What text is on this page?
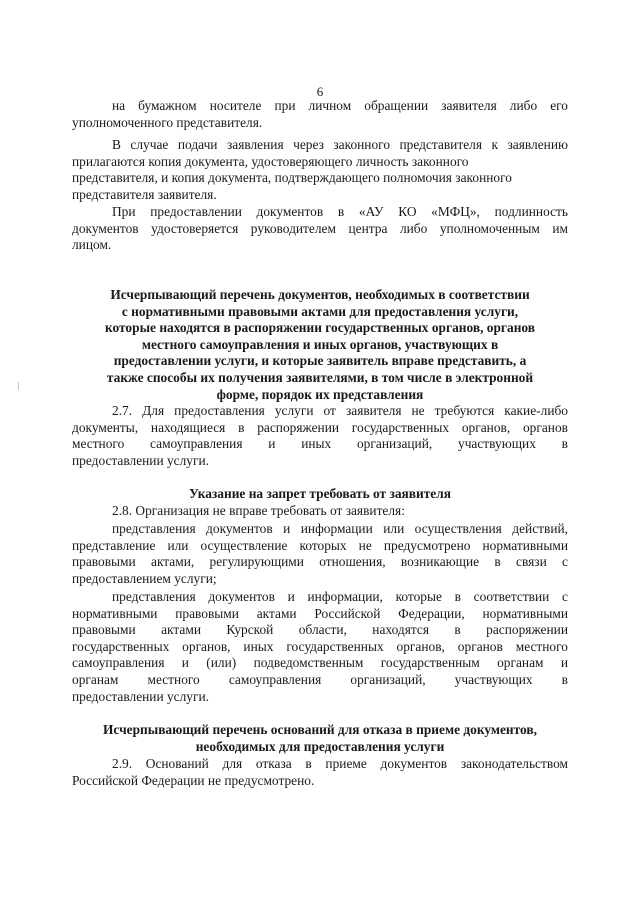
6
на бумажном носителе при личном обращении заявителя либо его
уполномоченного представителя.
В случае подачи заявления через законного представителя к заявлению
прилагаются копия документа, удостоверяющего личность законного
представителя, и копия документа, подтверждающего полномочия законного
представителя заявителя.
При предоставлении документов в «АУ КО «МФЦ», подлинность
документов удостоверяется руководителем центра либо уполномоченным им
лицом.
Исчерпывающий перечень документов, необходимых в соответствии
с нормативными правовыми актами для предоставления услуги,
которые находятся в распоряжении государственных органов, органов
местного самоуправления и иных органов, участвующих в
предоставлении услуги, и которые заявитель вправе представить, а
также способы их получения заявителями, в том числе в электронной
форме, порядок их представления
2.7. Для предоставления услуги от заявителя не требуются какие-либо
документы, находящиеся в распоряжении государственных органов, органов
местного самоуправления и иных организаций, участвующих в
предоставлении услуги.
Указание на запрет требовать от заявителя
2.8. Организация не вправе требовать от заявителя:
представления документов и информации или осуществления действий,
представление или осуществление которых не предусмотрено нормативными
правовыми актами, регулирующими отношения, возникающие в связи с
предоставлением услуги;
представления документов и информации, которые в соответствии с
нормативными правовыми актами Российской Федерации, нормативными
правовыми актами Курской области, находятся в распоряжении
государственных органов, иных государственных органов, органов местного
самоуправления и (или) подведомственным государственным органам и
органам местного самоуправления организаций, участвующих в
предоставлении услуги.
Исчерпывающий перечень оснований для отказа в приеме документов,
необходимых для предоставления услуги
2.9. Оснований для отказа в приеме документов законодательством
Российской Федерации не предусмотрено.
